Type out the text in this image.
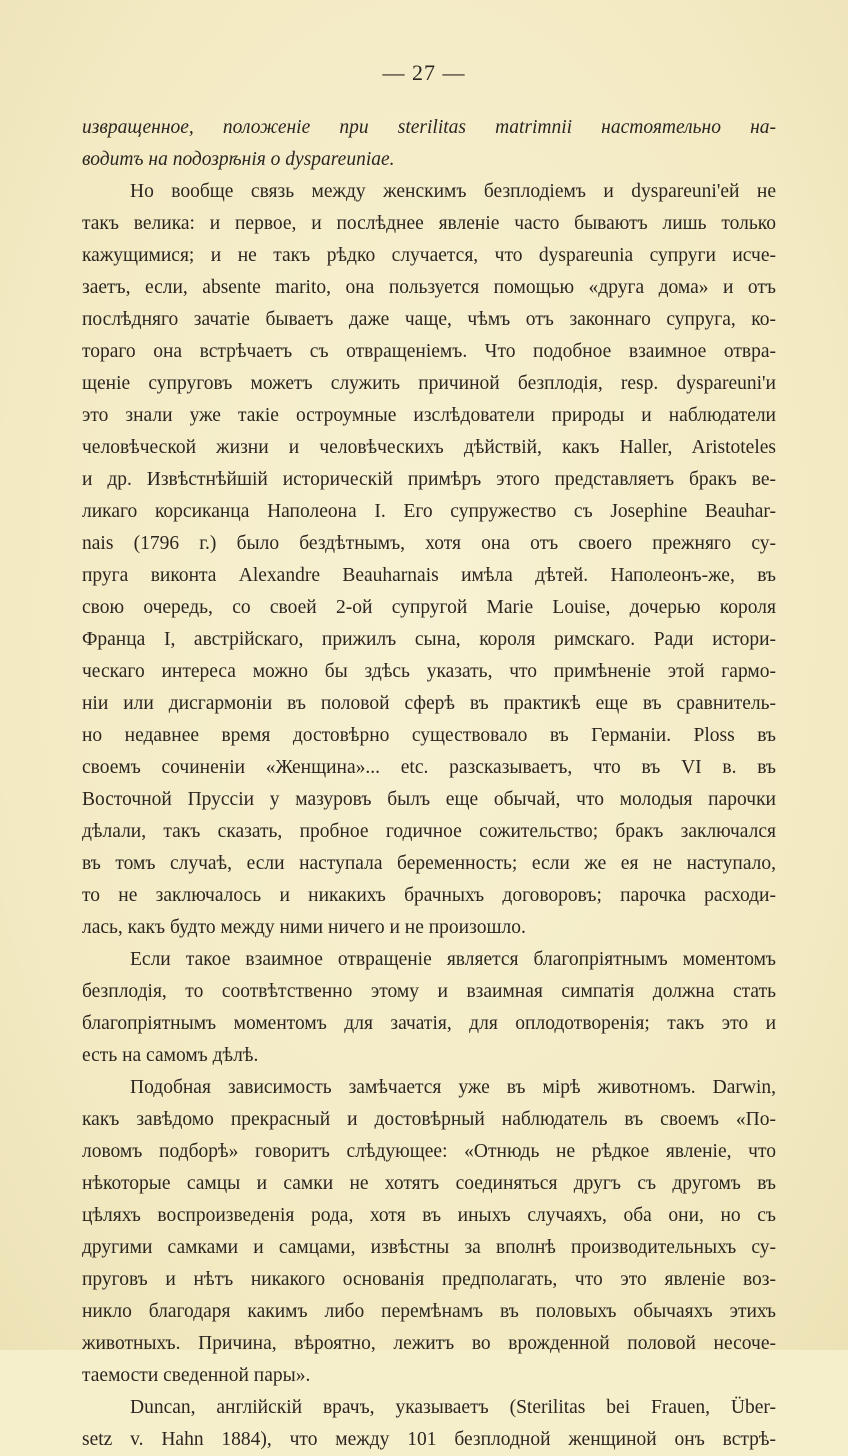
— 27 —
извращенное, положеніе при sterilitas matrimnii настоятельно на-
водитъ на подозрѣнія о dyspareuniae.
Но вообще связь между женскимъ безплодіемъ и dyspareuni'ей не
такъ велика: и первое, и послѣднее явленіе часто бываютъ лишь только
кажущимися; и не такъ рѣдко случается, что dyspareunia супруги исче-
заетъ, если, absente marito, она пользуется помощью «друга дома» и отъ
послѣдняго зачатіе бываетъ даже чаще, чѣмъ отъ законнаго супруга, ко-
тораго она встрѣчаетъ съ отвращеніемъ. Что подобное взаимное отвра-
щеніе супруговъ можетъ служить причиной безплодія, resp. dyspareuni'и
это знали уже такіе остроумные изслѣдователи природы и наблюдатели
человѣческой жизни и человѣческихъ дѣйствій, какъ Haller, Aristoteles
и др. Извѣстнѣйшій историческій примѣръ этого представляетъ бракъ ве-
ликаго корсиканца Наполеона I. Его супружество съ Josephine Beauhar-
nais (1796 г.) было бездѣтнымъ, хотя она отъ своего прежняго су-
пруга виконта Alexandre Beauharnais имѣла дѣтей. Наполеонъ-же, въ
свою очередь, со своей 2-ой супругой Marie Louise, дочерью короля
Франца I, австрійскаго, прижилъ сына, короля римскаго. Ради истори-
ческаго интереса можно бы здѣсь указать, что примѣненіе этой гармо-
ніи или дисгармоніи въ половой сферѣ въ практикѣ еще въ сравнитель-
но недавнее время достовѣрно существовало въ Германіи. Ploss въ
своемъ сочиненіи «Женщина»... etc. разсказываетъ, что въ VI в. въ
Восточной Пруссіи у мазуровъ былъ еще обычай, что молодыя парочки
дѣлали, такъ сказать, пробное годичное сожительство; бракъ заключался
въ томъ случаѣ, если наступала беременность; если же ея не наступало,
то не заключалось и никакихъ брачныхъ договоровъ; парочка расходи-
лась, какъ будто между ними ничего и не произошло.
Если такое взаимное отвращеніе является благопріятнымъ моментомъ
безплодія, то соотвѣтственно этому и взаимная симпатія должна стать
благопріятнымъ моментомъ для зачатія, для оплодотворенія; такъ это и
есть на самомъ дѣлѣ.
Подобная зависимость замѣчается уже въ мірѣ животномъ. Darwin,
какъ завѣдомо прекрасный и достовѣрный наблюдатель въ своемъ «По-
ловомъ подборѣ» говоритъ слѣдующее: «Отнюдь не рѣдкое явленіе, что
нѣкоторые самцы и самки не хотятъ соединяться другъ съ другомъ въ
цѣляхъ воспроизведенія рода, хотя въ иныхъ случаяхъ, оба они, но съ
другими самками и самцами, извѣстны за вполнѣ производительныхъ су-
пруговъ и нѣтъ никакого основанія предполагать, что это явленіе воз-
никло благодаря какимъ либо перемѣнамъ въ половыхъ обычаяхъ этихъ
животныхъ. Причина, вѣроятно, лежитъ во врожденной половой несоче-
таемости сведенной пары».
Duncan, англійскій врачъ, указываетъ (Sterilitas bei Frauen, Über-
setz v. Hahn 1884), что между 101 безплодной женщиной онъ встрѣ-
